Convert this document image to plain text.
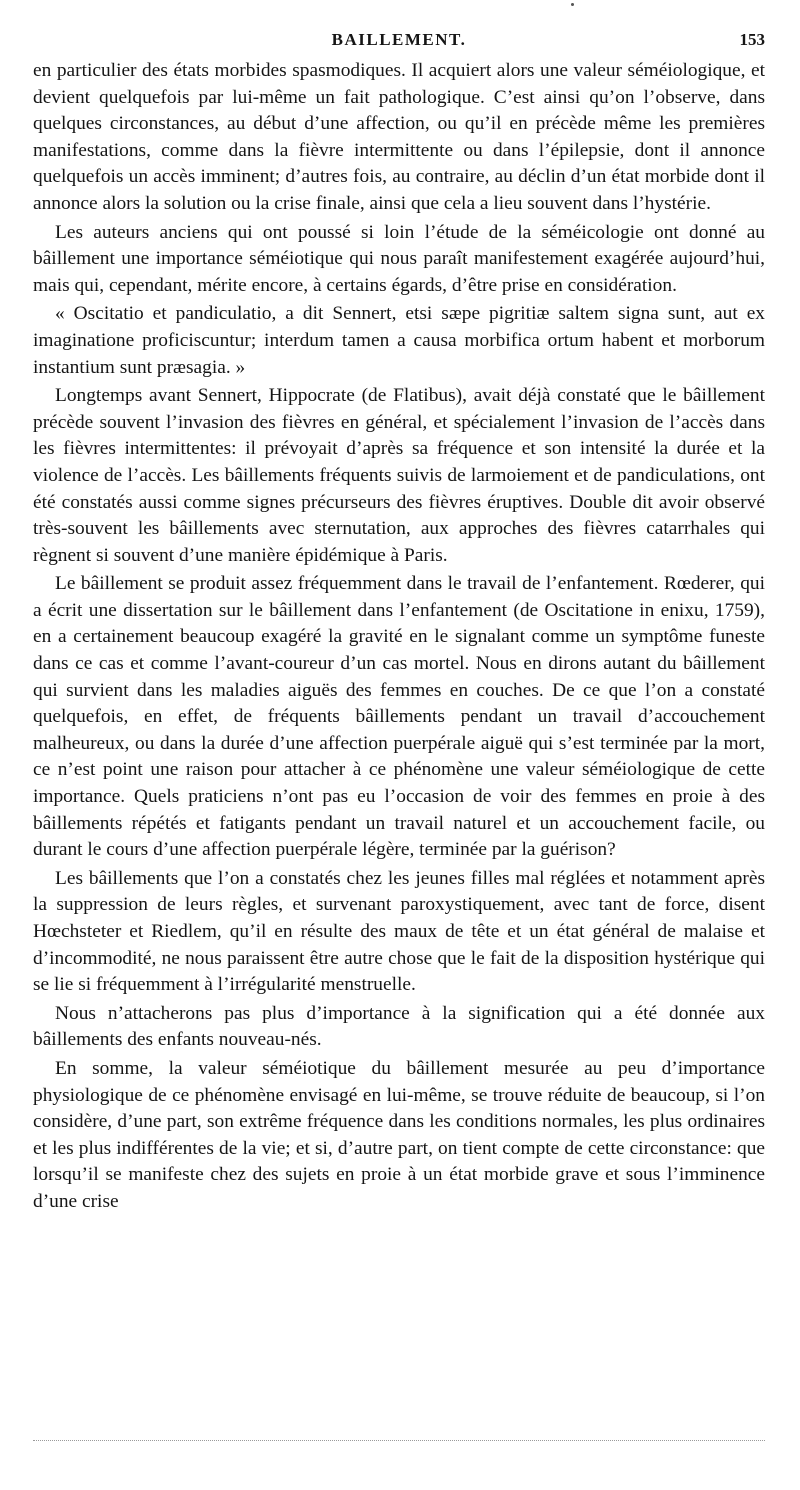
BAILLEMENT.	153

en particulier des états morbides spasmodiques. Il acquiert alors une valeur séméiologique, et devient quelquefois par lui-même un fait pathologique. C’est ainsi qu’on l’observe, dans quelques circonstances, au début d’une affection, ou qu’il en précède même les premières manifestations, comme dans la fièvre intermittente ou dans l’épilepsie, dont il annonce quelquefois un accès imminent; d’autres fois, au contraire, au déclin d’un état morbide dont il annonce alors la solution ou la crise finale, ainsi que cela a lieu souvent dans l’hystérie.

Les auteurs anciens qui ont poussé si loin l’étude de la séméicologie ont donné au bâillement une importance séméiotique qui nous paraît manifestement exagérée aujourd’hui, mais qui, cependant, mérite encore, à certains égards, d’être prise en considération.

« Oscitatio et pandiculatio, a dit Sennert, etsi sæpe pigritiæ saltem signa sunt, aut ex imaginatione proficiscuntur; interdum tamen a causa morbifica ortum habent et morborum instantium sunt præsagia. »

Longtemps avant Sennert, Hippocrate (de Flatibus), avait déjà constaté que le bâillement précède souvent l’invasion des fièvres en général, et spécialement l’invasion de l’accès dans les fièvres intermittentes: il prévoyait d’après sa fréquence et son intensité la durée et la violence de l’accès. Les bâillements fréquents suivis de larmoiement et de pandiculations, ont été constatés aussi comme signes précurseurs des fièvres éruptives. Double dit avoir observé très-souvent les bâillements avec sternutation, aux approches des fièvres catarrhales qui règnent si souvent d’une manière épidémique à Paris.

Le bâillement se produit assez fréquemment dans le travail de l’enfantement. Rœderer, qui a écrit une dissertation sur le bâillement dans l’enfantement (de Oscitatione in enixu, 1759), en a certainement beaucoup exagéré la gravité en le signalant comme un symptôme funeste dans ce cas et comme l’avant-coureur d’un cas mortel. Nous en dirons autant du bâillement qui survient dans les maladies aiguës des femmes en couches. De ce que l’on a constaté quelquefois, en effet, de fréquents bâillements pendant un travail d’accouchement malheureux, ou dans la durée d’une affection puerpérale aiguë qui s’est terminée par la mort, ce n’est point une raison pour attacher à ce phénomène une valeur séméiologique de cette importance. Quels praticiens n’ont pas eu l’occasion de voir des femmes en proie à des bâillements répétés et fatigants pendant un travail naturel et un accouchement facile, ou durant le cours d’une affection puerpérale légère, terminée par la guérison?

Les bâillements que l’on a constatés chez les jeunes filles mal réglées et notamment après la suppression de leurs règles, et survenant paroxystiquement, avec tant de force, disent Hœchsteter et Riedlem, qu’il en résulte des maux de tête et un état général de malaise et d’incommodité, ne nous paraissent être autre chose que le fait de la disposition hystérique qui se lie si fréquemment à l’irrégularité menstruelle.

Nous n’attacherons pas plus d’importance à la signification qui a été donnée aux bâillements des enfants nouveau-nés.

En somme, la valeur séméiotique du bâillement mesurée au peu d’importance physiologique de ce phénomène envisagé en lui-même, se trouve réduite de beaucoup, si l’on considère, d’une part, son extrême fréquence dans les conditions normales, les plus ordinaires et les plus indifférentes de la vie; et si, d’autre part, on tient compte de cette circonstance: que lorsqu’il se manifeste chez des sujets en proie à un état morbide grave et sous l’imminence d’une crise
